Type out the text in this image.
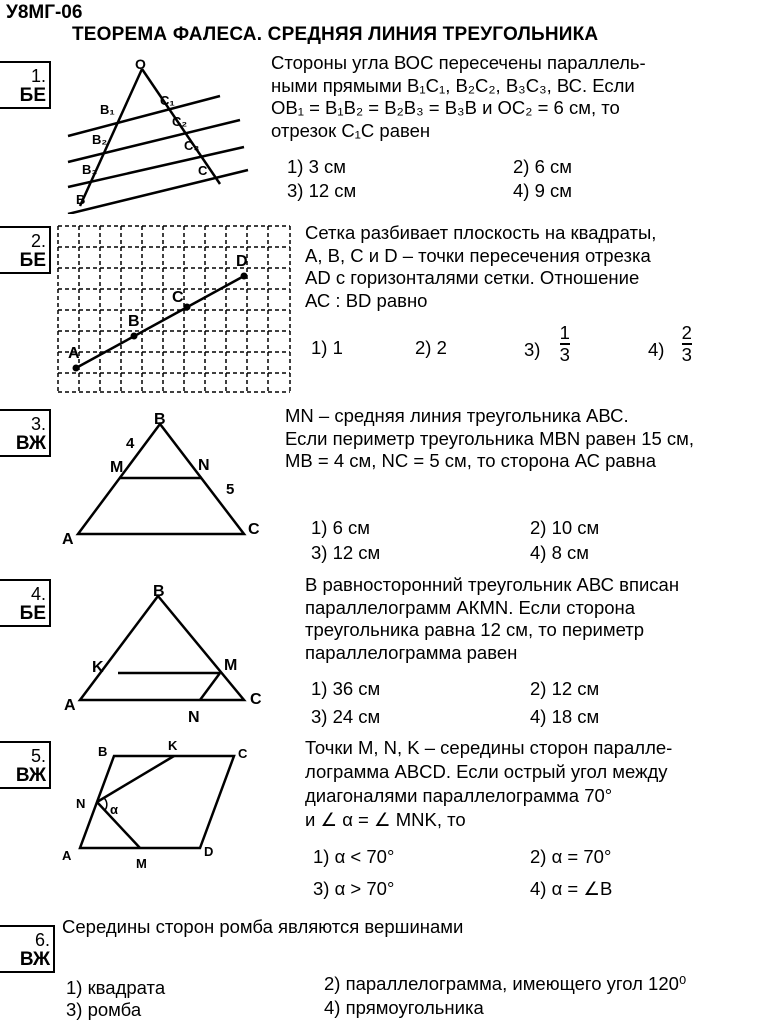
У8МГ-06
ТЕОРЕМА ФАЛЕСА. СРЕДНЯЯ ЛИНИЯ ТРЕУГОЛЬНИКА
1.
БЕ
O
B₁
C₁
B₂
C₂
B₃
C₃
B
C
Стороны угла ВОС пересечены параллель-
ными прямыми B₁C₁, B₂C₂, B₃C₃, ВС. Если
OB₁ = B₁B₂ = B₂B₃ = B₃B и OC₂ = 6 см, то
отрезок C₁C равен
1) 3 см	2) 6 см
3) 12 см	4) 9 см
2.
БЕ
A
B
C
D
Сетка разбивает плоскость на квадраты,
А, В, С и D – точки пересечения отрезка
AD с горизонталями сетки. Отношение
АС : BD равно
1) 1	2) 2	$3) \frac{1}{3}$	$4) \frac{2}{3}$
3.
ВЖ
B
4
M	N
5
A
C
MN – средняя линия треугольника АВС.
Если периметр треугольника MBN равен 15 см,
MB = 4 см, NC = 5 см, то сторона АС равна
1) 6 см	2) 10 см
3) 12 см	4) 8 см
4.
БЕ
B
K	M
A	C
N
В равносторонний треугольник АВС вписан
параллелограмм АКMN. Если сторона
треугольника равна 12 см, то периметр
параллелограмма равен
1) 36 см	2) 12 см
3) 24 см	4) 18 см
5.
ВЖ
B	K
C
N α
A
M
D
Точки M, N, K – середины сторон паралле-
лограмма ABCD. Если острый угол между
диагоналями параллелограмма 70°
и ∠ α = ∠ MNK, то
1) α < 70°	2) α = 70°
3) α > 70°	4) α = ∠B
6.
ВЖ
Середины сторон ромба являются вершинами
1) квадрата	2) параллелограмма, имеющего угол 120⁰
3) ромба	4) прямоугольника
